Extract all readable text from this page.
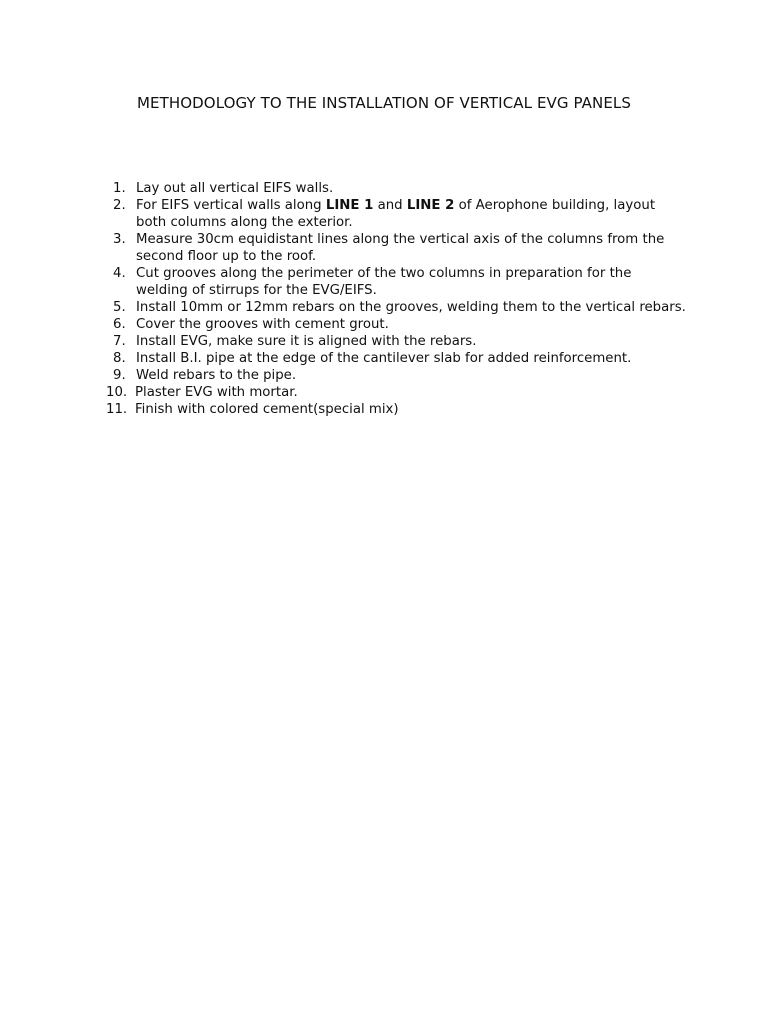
METHODOLOGY TO THE INSTALLATION OF VERTICAL EVG PANELS
1. Lay out all vertical EIFS walls.
2. For EIFS vertical walls along LINE 1 and LINE 2 of Aerophone building, layout both columns along the exterior.
3. Measure 30cm equidistant lines along the vertical axis of the columns from the second floor up to the roof.
4. Cut grooves along the perimeter of the two columns in preparation for the welding of stirrups for the EVG/EIFS.
5. Install 10mm or 12mm rebars on the grooves, welding them to the vertical rebars.
6. Cover the grooves with cement grout.
7. Install EVG, make sure it is aligned with the rebars.
8. Install B.I. pipe at the edge of the cantilever slab for added reinforcement.
9. Weld rebars to the pipe.
10. Plaster EVG with mortar.
11. Finish with colored cement(special mix)
